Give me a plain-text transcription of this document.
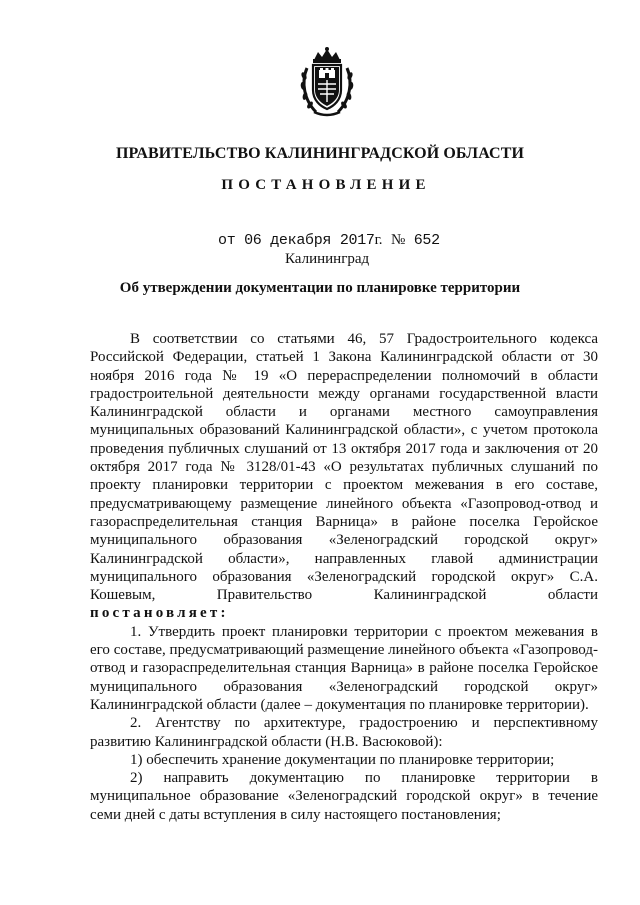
ПРАВИТЕЛЬСТВО КАЛИНИНГРАДСКОЙ ОБЛАСТИ
ПОСТАНОВЛЕНИЕ
от 06 декабря 2017г. № 652
Калининград
Об утверждении документации по планировке территории

В соответствии со статьями 46, 57 Градостроительного кодекса Российской Федерации, статьей 1 Закона Калининградской области от 30 ноября 2016 года № 19 «О перераспределении полномочий в области градостроительной деятельности между органами государственной власти Калининградской области и органами местного самоуправления муниципальных образований Калининградской области», с учетом протокола проведения публичных слушаний от 13 октября 2017 года и заключения от 20 октября 2017 года № 3128/01-43 «О результатах публичных слушаний по проекту планировки территории с проектом межевания в его составе, предусматривающему размещение линейного объекта «Газопровод-отвод и газораспределительная станция Варница» в районе поселка Геройское муниципального образования «Зеленоградский городской округ» Калининградской области», направленных главой администрации муниципального образования «Зеленоградский городской округ» С.А. Кошевым, Правительство Калининградской области

постановляет:

1. Утвердить проект планировки территории с проектом межевания в его составе, предусматривающий размещение линейного объекта «Газопровод-отвод и газораспределительная станция Варница» в районе поселка Геройское муниципального образования «Зеленоградский городской округ» Калининградской области (далее – документация по планировке территории).

2. Агентству по архитектуре, градостроению и перспективному развитию Калининградской области (Н.В. Васюковой):

1) обеспечить хранение документации по планировке территории;

2) направить документацию по планировке территории в муниципальное образование «Зеленоградский городской округ» в течение семи дней с даты вступления в силу настоящего постановления;
